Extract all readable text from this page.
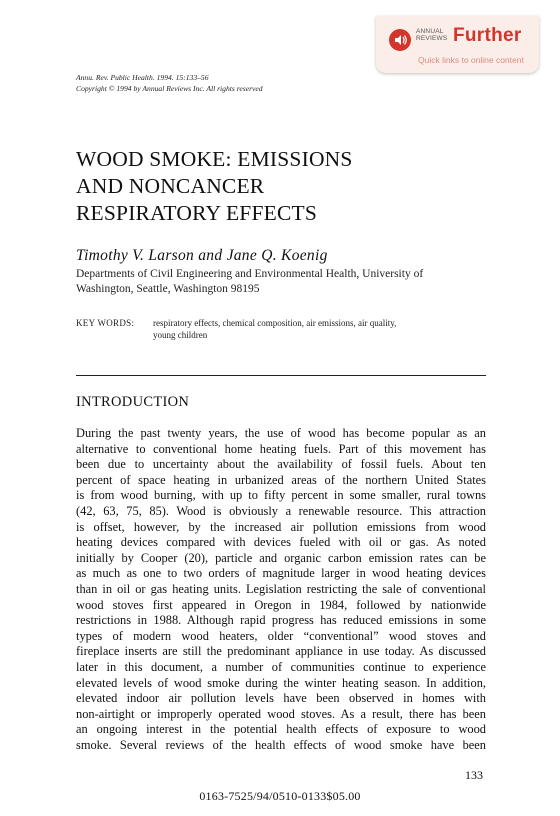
ANNUAL
REVIEWS Further
Quick links to online content
Annu. Rev. Public Health. 1994. 15:133–56
Copyright © 1994 by Annual Reviews Inc. All rights reserved
WOOD SMOKE: EMISSIONS
AND NONCANCER
RESPIRATORY EFFECTS
Timothy V. Larson and Jane Q. Koenig
Departments of Civil Engineering and Environmental Health, University of
Washington, Seattle, Washington 98195
KEY WORDS: respiratory effects, chemical composition, air emissions, air quality,
young children
INTRODUCTION
During the past twenty years, the use of wood has become popular as an
alternative to conventional home heating fuels. Part of this movement has
been due to uncertainty about the availability of fossil fuels. About ten
percent of space heating in urbanized areas of the northern United States
is from wood burning, with up to fifty percent in some smaller, rural towns
(42, 63, 75, 85). Wood is obviously a renewable resource. This attraction
is offset, however, by the increased air pollution emissions from wood
heating devices compared with devices fueled with oil or gas. As noted
initially by Cooper (20), particle and organic carbon emission rates can be
as much as one to two orders of magnitude larger in wood heating devices
than in oil or gas heating units. Legislation restricting the sale of conventional
wood stoves first appeared in Oregon in 1984, followed by nationwide
restrictions in 1988. Although rapid progress has reduced emissions in some
types of modern wood heaters, older “conventional” wood stoves and
fireplace inserts are still the predominant appliance in use today. As discussed
later in this document, a number of communities continue to experience
elevated levels of wood smoke during the winter heating season. In addition,
elevated indoor air pollution levels have been observed in homes with
non-airtight or improperly operated wood stoves. As a result, there has been
an ongoing interest in the potential health effects of exposure to wood
smoke. Several reviews of the health effects of wood smoke have been
133
0163-7525/94/0510-0133$05.00
